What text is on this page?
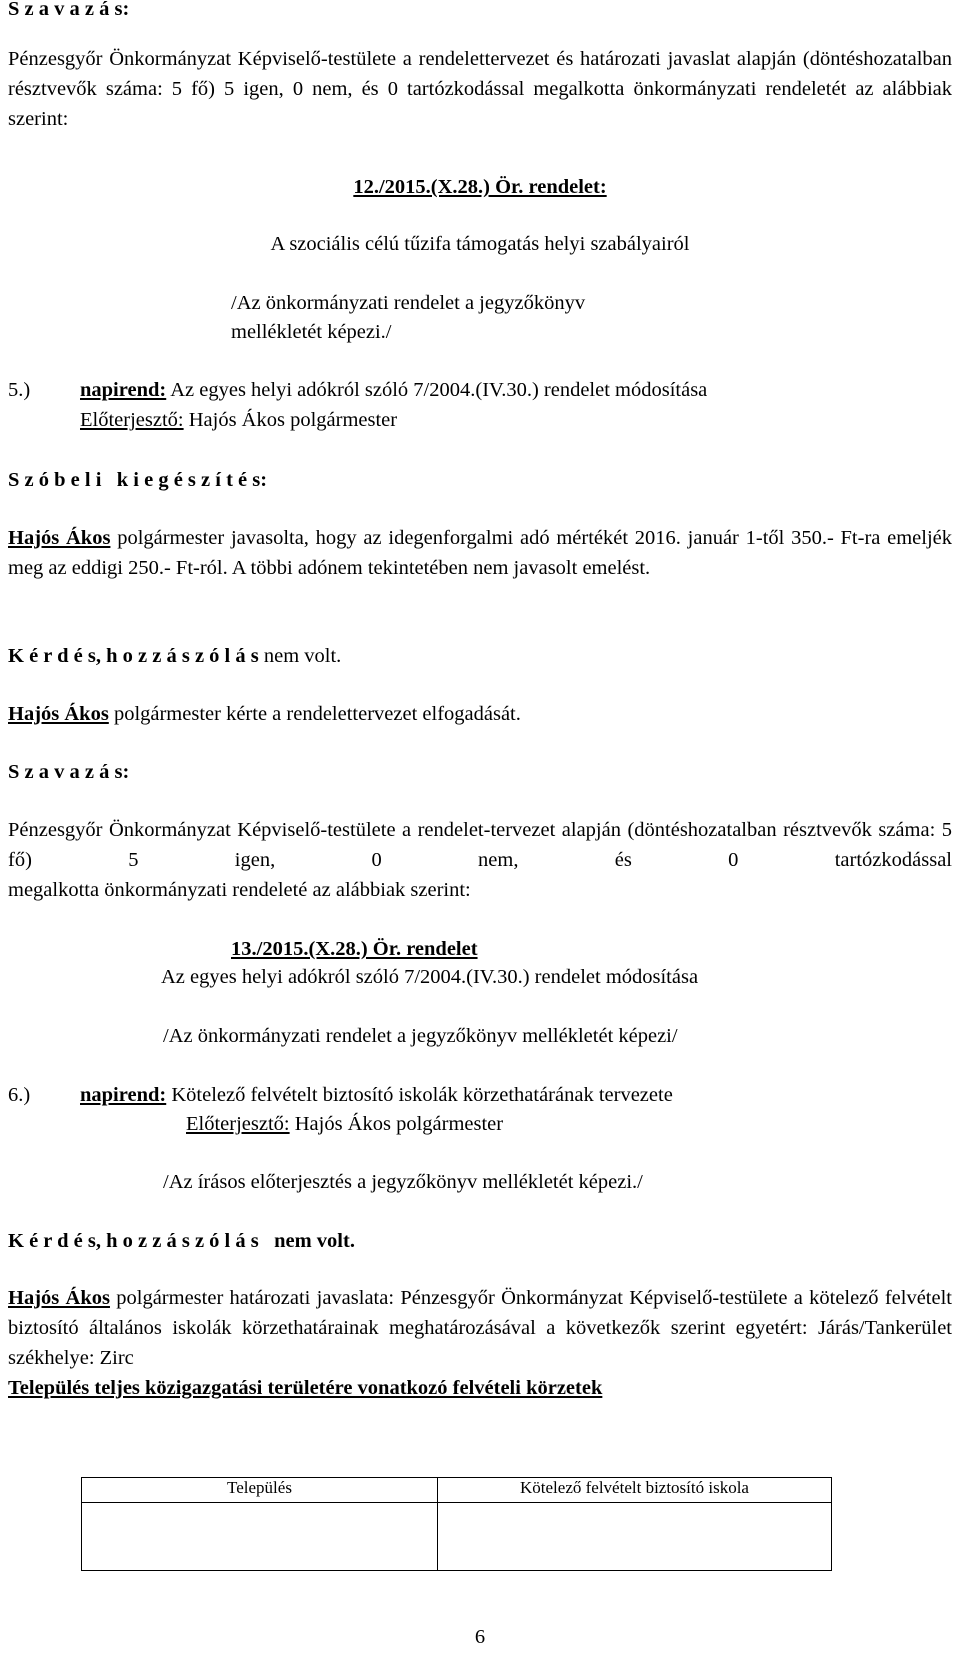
S z a v a z á s:
Pénzesgyőr Önkormányzat Képviselő-testülete a rendelettervezet és határozati javaslat alapján (döntéshozatalban résztvevők száma: 5 fő) 5 igen, 0 nem, és 0 tartózkodással megalkotta önkormányzati rendeletét az alábbiak szerint:
12./2015.(X.28.) Ör. rendelet:
A szociális célú tűzifa támogatás helyi szabályairól
/Az önkormányzati rendelet a jegyzőkönyv
mellékletét képezi./
5.) napirend: Az egyes helyi adókról szóló 7/2004.(IV.30.) rendelet módosítása
Előterjesztő: Hajós Ákos polgármester
S z ó b e l i   k i e g é s z í t é s:
Hajós Ákos polgármester javasolta, hogy az idegenforgalmi adó mértékét 2016. január 1-től 350.- Ft-ra emeljék meg az eddigi 250.- Ft-ról. A többi adónem tekintetében nem javasolt emelést.
K é r d é s, h o z z á s z ó l á s nem volt.
Hajós Ákos polgármester kérte a rendelettervezet elfogadását.
S z a v a z á s:
Pénzesgyőr Önkormányzat Képviselő-testülete a rendelet-tervezet alapján (döntéshozatalban résztvevők száma: 5 fő) 5 igen, 0 nem, és 0 tartózkodással
megalkotta önkormányzati rendeleté az alábbiak szerint:
13./2015.(X.28.) Ör. rendelet
Az egyes helyi adókról szóló 7/2004.(IV.30.) rendelet módosítása
/Az önkormányzati rendelet a jegyzőkönyv mellékletét képezi/
6.) napirend: Kötelező felvételt biztosító iskolák körzethatárának tervezete
Előterjesztő: Hajós Ákos polgármester
/Az írásos előterjesztés a jegyzőkönyv mellékletét képezi./
K é r d é s, h o z z á s z ó l á s   nem volt.
Hajós Ákos polgármester határozati javaslata: Pénzesgyőr Önkormányzat Képviselő-testülete a kötelező felvételt biztosító általános iskolák körzethatárainak meghatározásával a következők szerint egyetért: Járás/Tankerület székhelye: Zirc
Település teljes közigazgatási területére vonatkozó felvételi körzetek
Település	Kötelező felvételt biztosító iskola

6
